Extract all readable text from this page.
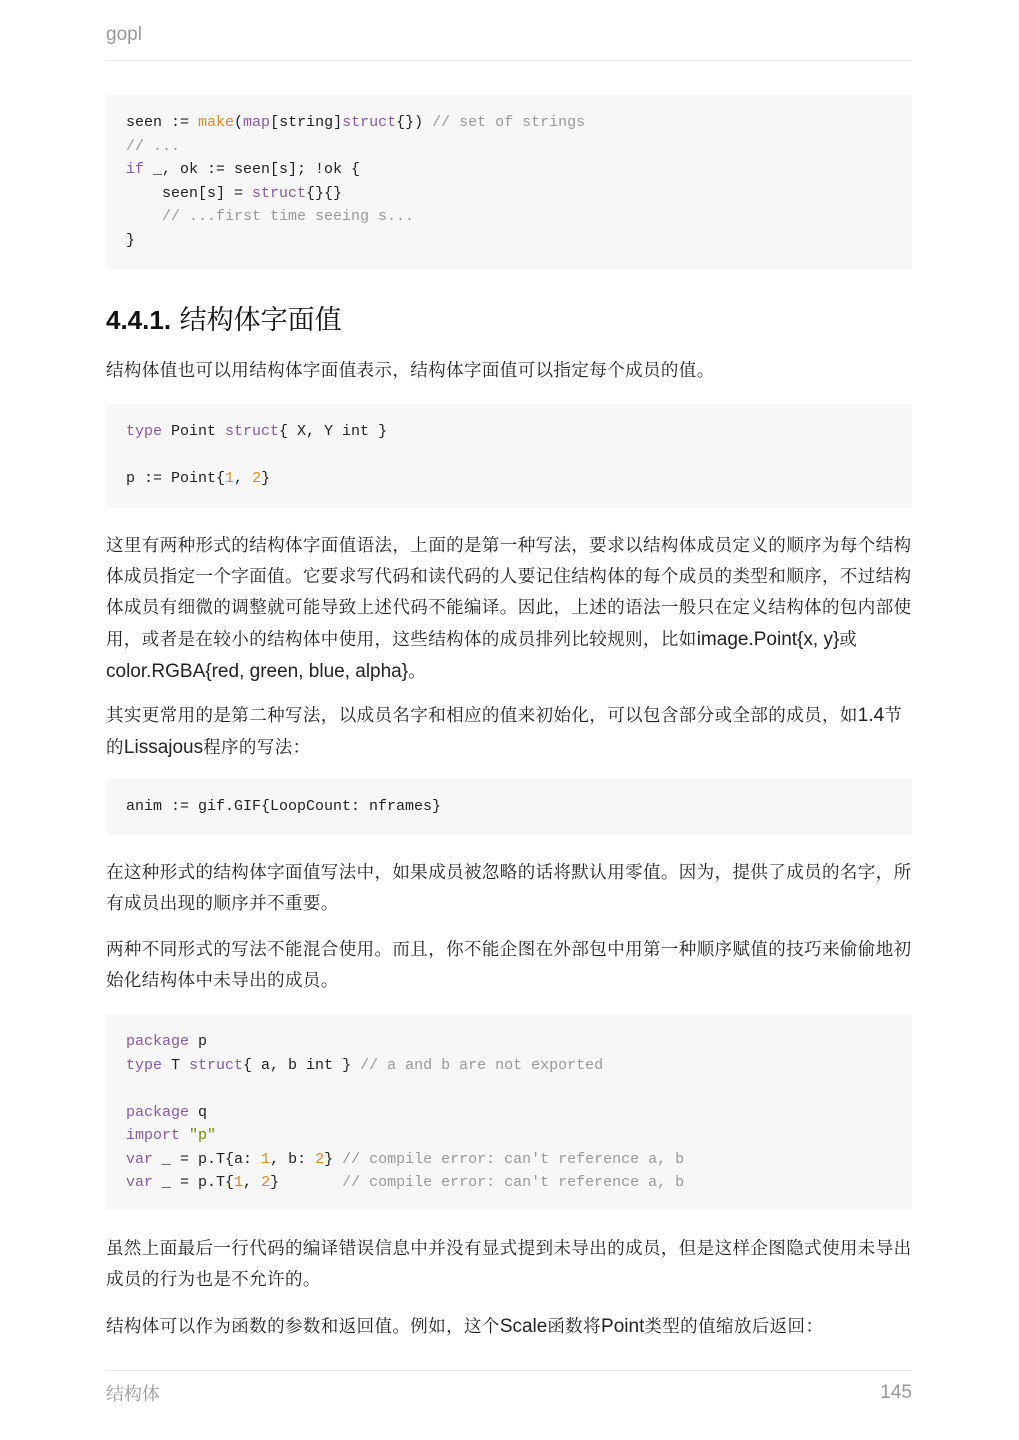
gopl
seen := make(map[string]struct{}) // set of strings
// ...
if _, ok := seen[s]; !ok {
seen[s] = struct{}{}
// ...first time seeing s...
}
4.4.1. 结构体字面值
结构体值也可以用结构体字面值表示，结构体字面值可以指定每个成员的值。
type Point struct{ X, Y int }
p := Point{1, 2}
这里有两种形式的结构体字面值语法，上面的是第一种写法，要求以结构体成员定义的顺序为每个结构体成员指定一个字面值。它要求写代码和读代码的人要记住结构体的每个成员的类型和顺序，不过结构体成员有细微的调整就可能导致上述代码不能编译。因此，上述的语法一般只在定义结构体的包内部使用，或者是在较小的结构体中使用，这些结构体的成员排列比较规则，比如image.Point{x, y}或color.RGBA{red, green, blue, alpha}。
其实更常用的是第二种写法，以成员名字和相应的值来初始化，可以包含部分或全部的成员，如1.4节的Lissajous程序的写法：
anim := gif.GIF{LoopCount: nframes}
在这种形式的结构体字面值写法中，如果成员被忽略的话将默认用零值。因为，提供了成员的名字，所有成员出现的顺序并不重要。
两种不同形式的写法不能混合使用。而且，你不能企图在外部包中用第一种顺序赋值的技巧来偷偷地初始化结构体中未导出的成员。
package p
type T struct{ a, b int } // a and b are not exported
package q
import "p"
var _ = p.T{a: 1, b: 2} // compile error: can't reference a, b
var _ = p.T{1, 2}       // compile error: can't reference a, b
虽然上面最后一行代码的编译错误信息中并没有显式提到未导出的成员，但是这样企图隐式使用未导出成员的行为也是不允许的。
结构体可以作为函数的参数和返回值。例如，这个Scale函数将Point类型的值缩放后返回：
结构体	145
